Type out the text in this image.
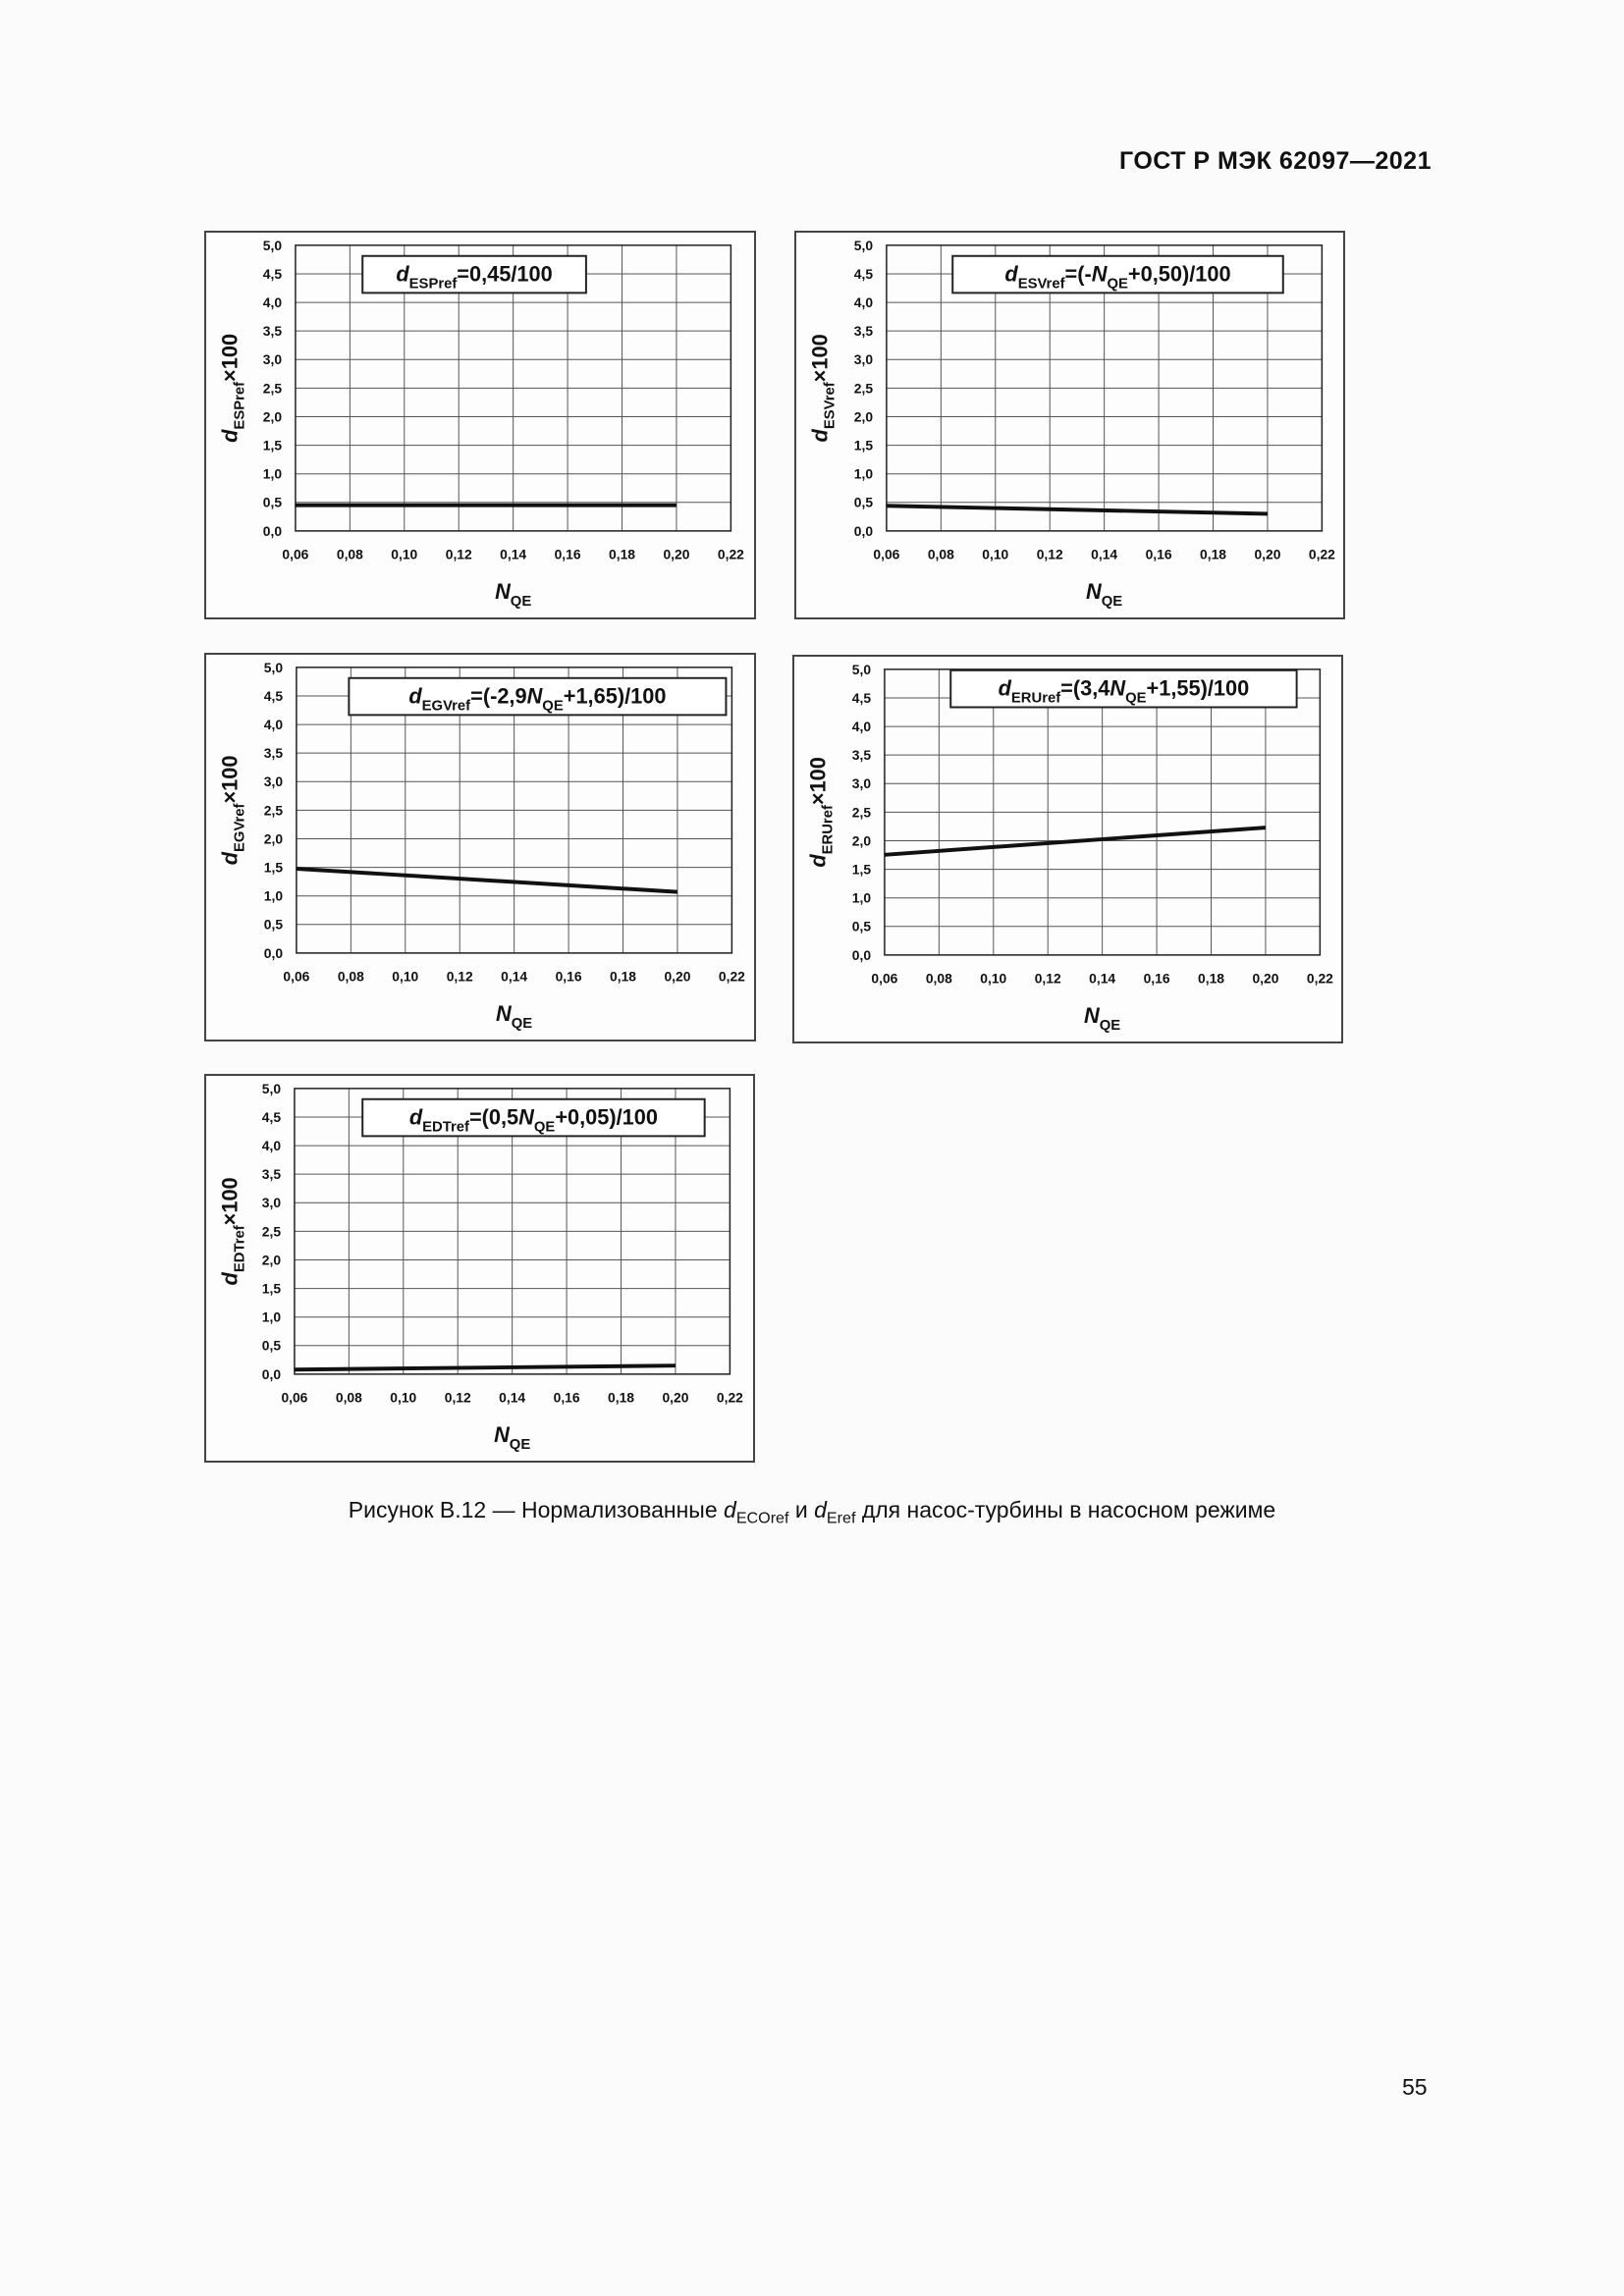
ГОСТ Р МЭК 62097—2021
0,0
0,5
1,0
1,5
2,0
2,5
3,0
3,5
4,0
4,5
5,0
0,06 0,08 0,10 0,12 0,14 0,16 0,18 0,20 0,22
$d_{ESPref}=0,45/100$
$d_{ESPref}\times 100$
$N_{QE}$
0,0
0,5
1,0
1,5
2,0
2,5
3,0
3,5
4,0
4,5
5,0
0,06 0,08 0,10 0,12 0,14 0,16 0,18 0,20 0,22
$d_{ESVref}=(-N_{QE}+0,50)/100$
$d_{ESVref}\times 100$
$N_{QE}$
0,0
0,5
1,0
1,5
2,0
2,5
3,0
3,5
4,0
4,5
5,0
0,06 0,08 0,10 0,12 0,14 0,16 0,18 0,20 0,22
$d_{EGVref}=(-2,9N_{QE}+1,65)/100$
$d_{EGVref}\times 100$
$N_{QE}$
0,0
0,5
1,0
1,5
2,0
2,5
3,0
3,5
4,0
4,5
5,0
0,06 0,08 0,10 0,12 0,14 0,16 0,18 0,20 0,22
$d_{ERUref}=(3,4N_{QE}+1,55)/100$
$d_{ERUref}\times 100$
$N_{QE}$
0,0
0,5
1,0
1,5
2,0
2,5
3,0
3,5
4,0
4,5
5,0
0,06 0,08 0,10 0,12 0,14 0,16 0,18 0,20 0,22
$d_{EDTref}=(0,5N_{QE}+0,05)/100$
$d_{EDTref}\times 100$
$N_{QE}$
Рисунок В.12 — Нормализованные $d_{ECOref}$ и $d_{Eref}$ для насос-турбины в насосном режиме
55
